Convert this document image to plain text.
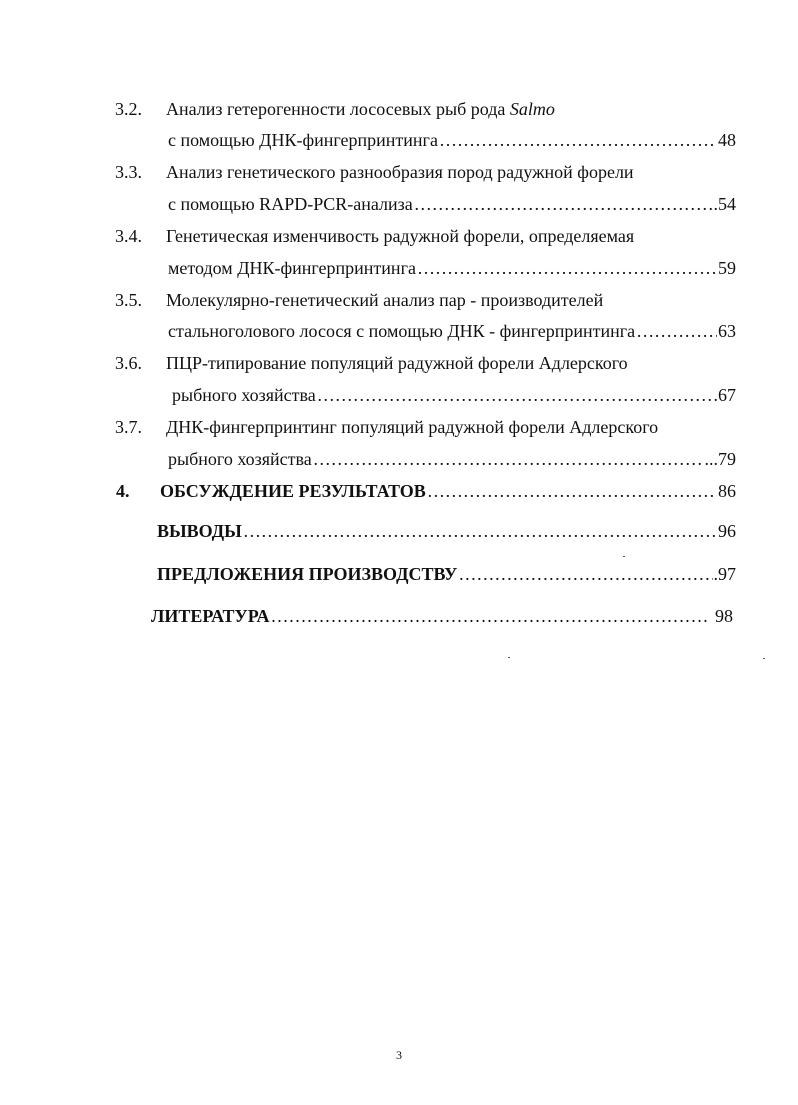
3.2. Анализ гетерогенности лососевых рыб рода Salmo
с помощью ДНК-фингерпринтинга ……………………………………………………………………………………………………………………………………………………	48
3.3. Анализ генетического разнообразия пород радужной форели
с помощью RAPD-PCR-анализа ……………………………………………………………………………………………………………………………………………………	.54
3.4. Генетическая изменчивость радужной форели, определяемая
методом ДНК-фингерпринтинга ……………………………………………………………………………………………………………………………………………………	59
3.5. Молекулярно-генетический анализ пар - производителей
стальноголового лосося с помощью ДНК - фингерпринтинга ……………………………………………………………………………………………………………………………………………………	63
3.6. ПЦР-типирование популяций радужной форели Адлерского
рыбного хозяйства ……………………………………………………………………………………………………………………………………………………	67
3.7. ДНК-фингерпринтинг популяций радужной форели Адлерского
рыбного хозяйства ……………………………………………………………………………………………………………………………………………………	...79
4. ОБСУЖДЕНИЕ РЕЗУЛЬТАТОВ ……………………………………………………………………………………………………………………………………………………	86
ВЫВОДЫ ……………………………………………………………………………………………………………………………………………………	96
ПРЕДЛОЖЕНИЯ ПРОИЗВОДСТВУ ……………………………………………………………………………………………………………………………………………………	.97
ЛИТЕРАТУРА ……………………………………………………………………………………………………………………………………………………	98
3
